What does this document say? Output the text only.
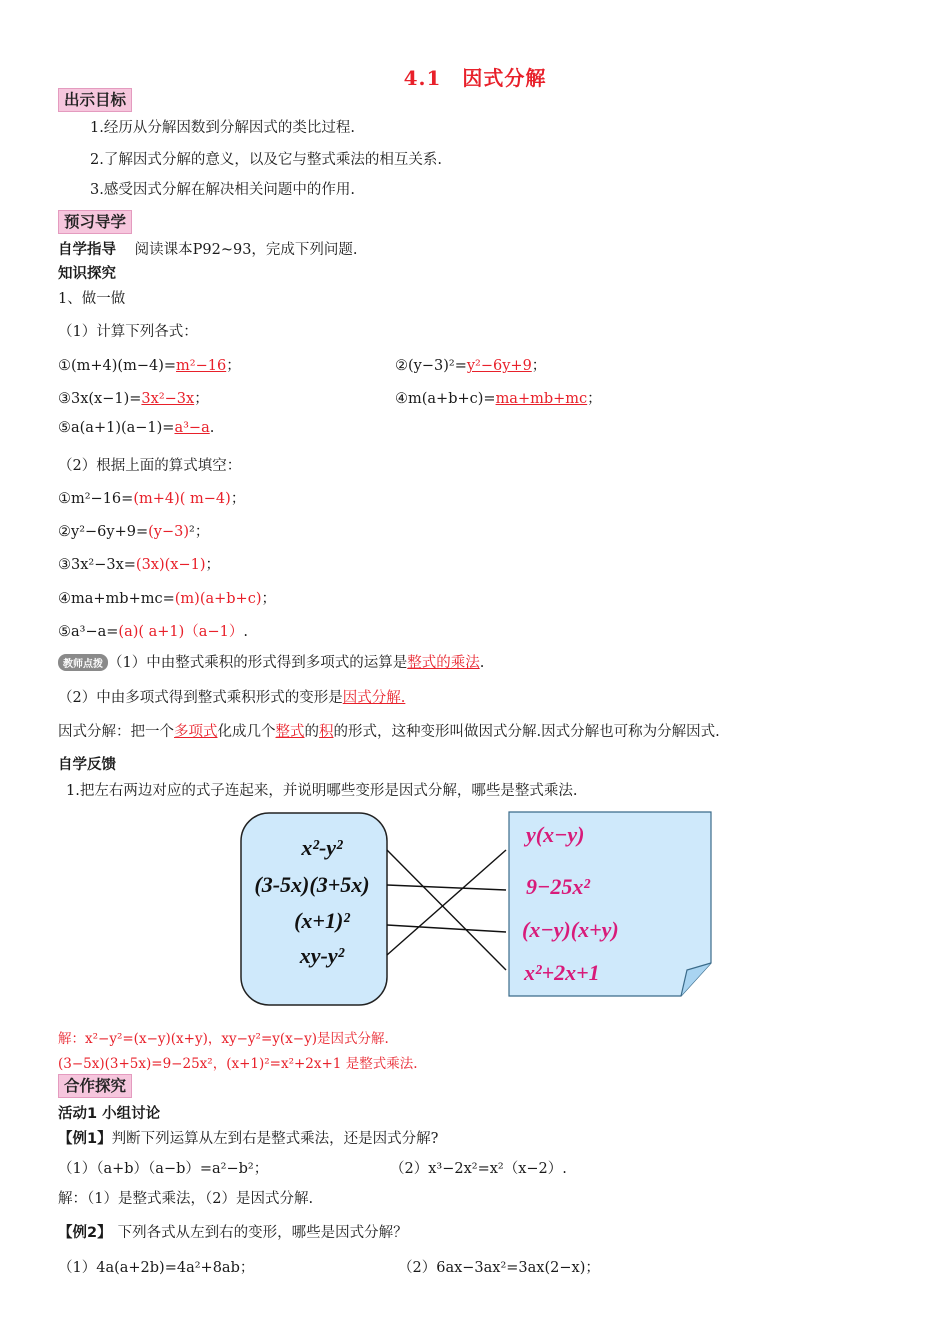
4.1　因式分解
出示目标
1.经历从分解因数到分解因式的类比过程.
2.了解因式分解的意义，以及它与整式乘法的相互关系.
3.感受因式分解在解决相关问题中的作用.
预习导学
自学指导 阅读课本P92~93，完成下列问题.
知识探究
1、做一做
（1）计算下列各式：
①(m+4)(m−4)=m²−16；	②(y−3)²=y²−6y+9；
③3x(x−1)=3x²−3x；	④m(a+b+c)=ma+mb+mc；
⑤a(a+1)(a−1)=a³−a.
（2）根据上面的算式填空：
①m²−16=(m+4)( m−4)；
②y²−6y+9=(y−3)²；
③3x²−3x=(3x)(x−1)；
④ma+mb+mc=(m)(a+b+c)；
⑤a³−a=(a)( a+1)（a−1）.
教师点拨 （1）中由整式乘积的形式得到多项式的运算是整式的乘法.
（2）中由多项式得到整式乘积形式的变形是因式分解.
因式分解：把一个多项式化成几个整式的积的形式，这种变形叫做因式分解.因式分解也可称为分解因式.
自学反馈
1.把左右两边对应的式子连起来，并说明哪些变形是因式分解，哪些是整式乘法.
x²-y²
(3-5x)(3+5x)
(x+1)²
xy-y²
y(x−y)
9−25x²
(x−y)(x+y)
x²+2x+1
解：x²−y²=(x−y)(x+y)，xy−y²=y(x−y)是因式分解.
(3−5x)(3+5x)=9−25x²，(x+1)²=x²+2x+1 是整式乘法.
合作探究
活动1 小组讨论
【例1】判断下列运算从左到右是整式乘法，还是因式分解?
（1）（a+b）（a−b）=a²−b²；	（2）x³−2x²=x²（x−2）.
解：（1）是整式乘法，（2）是因式分解.
【例2】 下列各式从左到右的变形，哪些是因式分解？
（1）4a(a+2b)=4a²+8ab；	（2）6ax−3ax²=3ax(2−x)；
